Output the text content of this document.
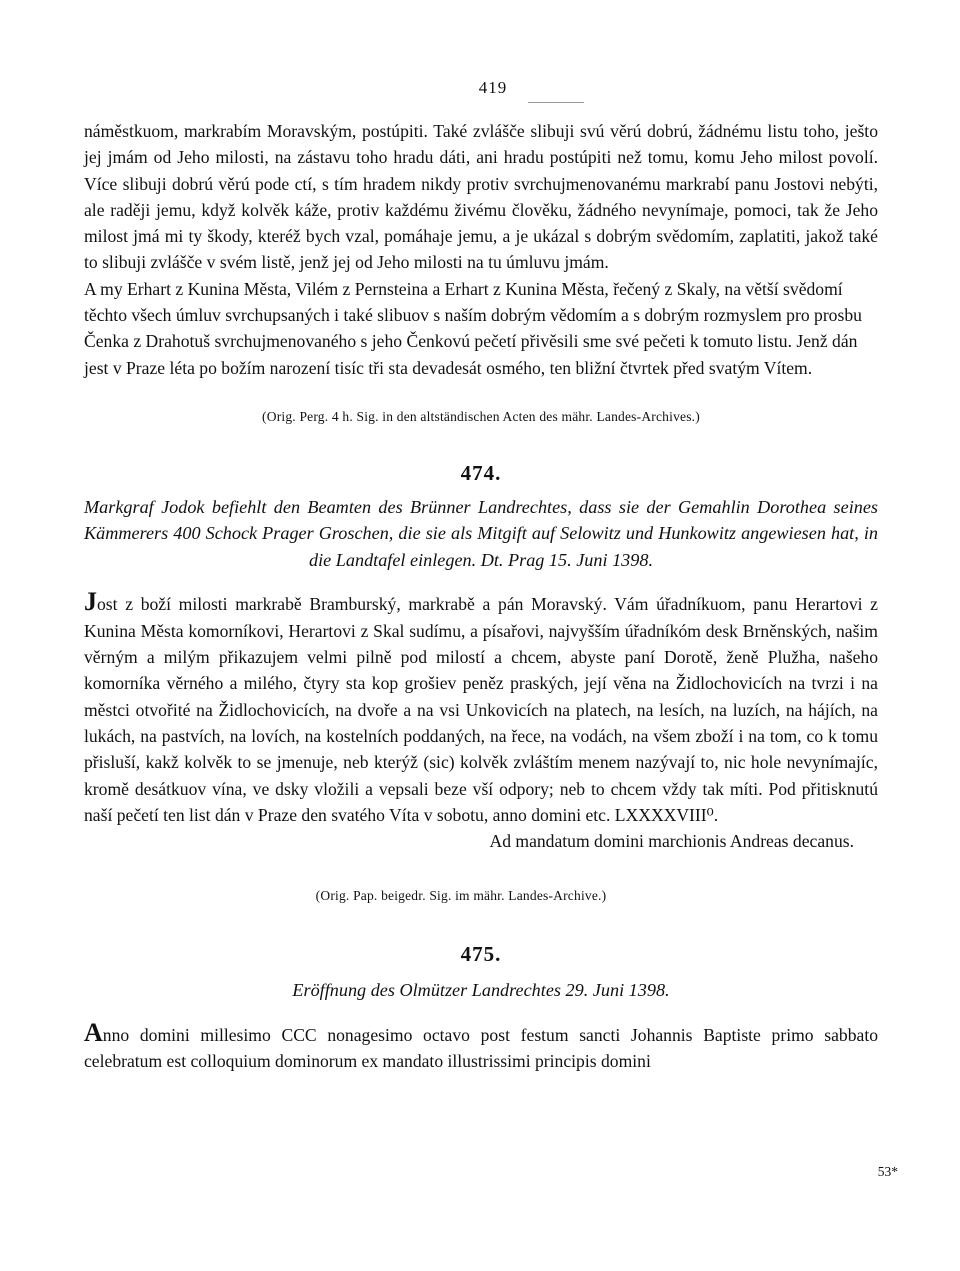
419

náměstkuom, markrabím Moravským, postúpiti. Také zvlášče slibuji svú věrú dobrú, žádnému listu toho, ješto jej jmám od Jeho milosti, na zástavu toho hradu dáti, ani hradu postúpiti než tomu, komu Jeho milost povolí. Více slibuji dobrú věrú pode ctí, s tím hradem nikdy protiv svrchujmenovanému markrabí panu Jostovi nebýti, ale raději jemu, když kolvěk káže, protiv každému živému člověku, žádného nevynímaje, pomoci, tak že Jeho milost jmá mi ty škody, kteréž bych vzal, pomáhaje jemu, a je ukázal s dobrým svědomím, zaplatiti, jakož také to slibuji zvlášče v svém listě, jenž jej od Jeho milosti na tu úmluvu jmám.

A my Erhart z Kunina Města, Vilém z Pernsteina a Erhart z Kunina Města, řečený z Skaly, na větší svědomí těchto všech úmluv svrchupsaných i také slibuov s naším dobrým vědomím a s dobrým rozmyslem pro prosbu Čenka z Drahotuš svrchujmenovaného s jeho Čenkovú pečetí přivěsili sme své pečeti k tomuto listu. Jenž dán jest v Praze léta po božím narození tisíc tři sta devadesát osmého, ten bližní čtvrtek před svatým Vítem.

(Orig. Perg. 4 h. Sig. in den altständischen Acten des mähr. Landes-Archives.)

474.

Markgraf Jodok befiehlt den Beamten des Brünner Landrechtes, dass sie der Gemahlin Dorothea seines Kämmerers 400 Schock Prager Groschen, die sie als Mitgift auf Selowitz und Hunkowitz angewiesen hat, in die Landtafel einlegen. Dt. Prag 15. Juni 1398.

Jost z boží milosti markrabě Bramburský, markrabě a pán Moravský. Vám úřadníkuom, panu Herartovi z Kunina Města komorníkovi, Herartovi z Skal sudímu, a písařovi, najvyšším úřadníkóm desk Brněnských, našim věrným a milým přikazujem velmi pilně pod milostí a chcem, abyste paní Dorotě, ženě Plužha, našeho komorníka věrného a milého, čtyry sta kop grošiev peněz praských, její věna na Židlochovicích na tvrzi i na městci otvořité na Židlochovicích, na dvoře a na vsi Unkovicích na platech, na lesích, na luzích, na hájích, na lukách, na pastvích, na lovích, na kostelních poddaných, na řece, na vodách, na všem zboží i na tom, co k tomu přisluší, kakž kolvěk to se jmenuje, neb kterýž (sic) kolvěk zvláštím menem nazývají to, nic hole nevynímajíc, kromě desátkuov vína, ve dsky vložili a vepsali beze vší odpory; neb to chcem vždy tak míti. Pod přitisknutú naší pečetí ten list dán v Praze den svatého Víta v sobotu, anno domini etc. LXXXXVIII⁰.

Ad mandatum domini marchionis Andreas decanus.

(Orig. Pap. beigedr. Sig. im mähr. Landes-Archive.)

475.

Eröffnung des Olmützer Landrechtes 29. Juni 1398.

Anno domini millesimo CCC nonagesimo octavo post festum sancti Johannis Baptiste primo sabbato celebratum est colloquium dominorum ex mandato illustrissimi principis domini

53*
